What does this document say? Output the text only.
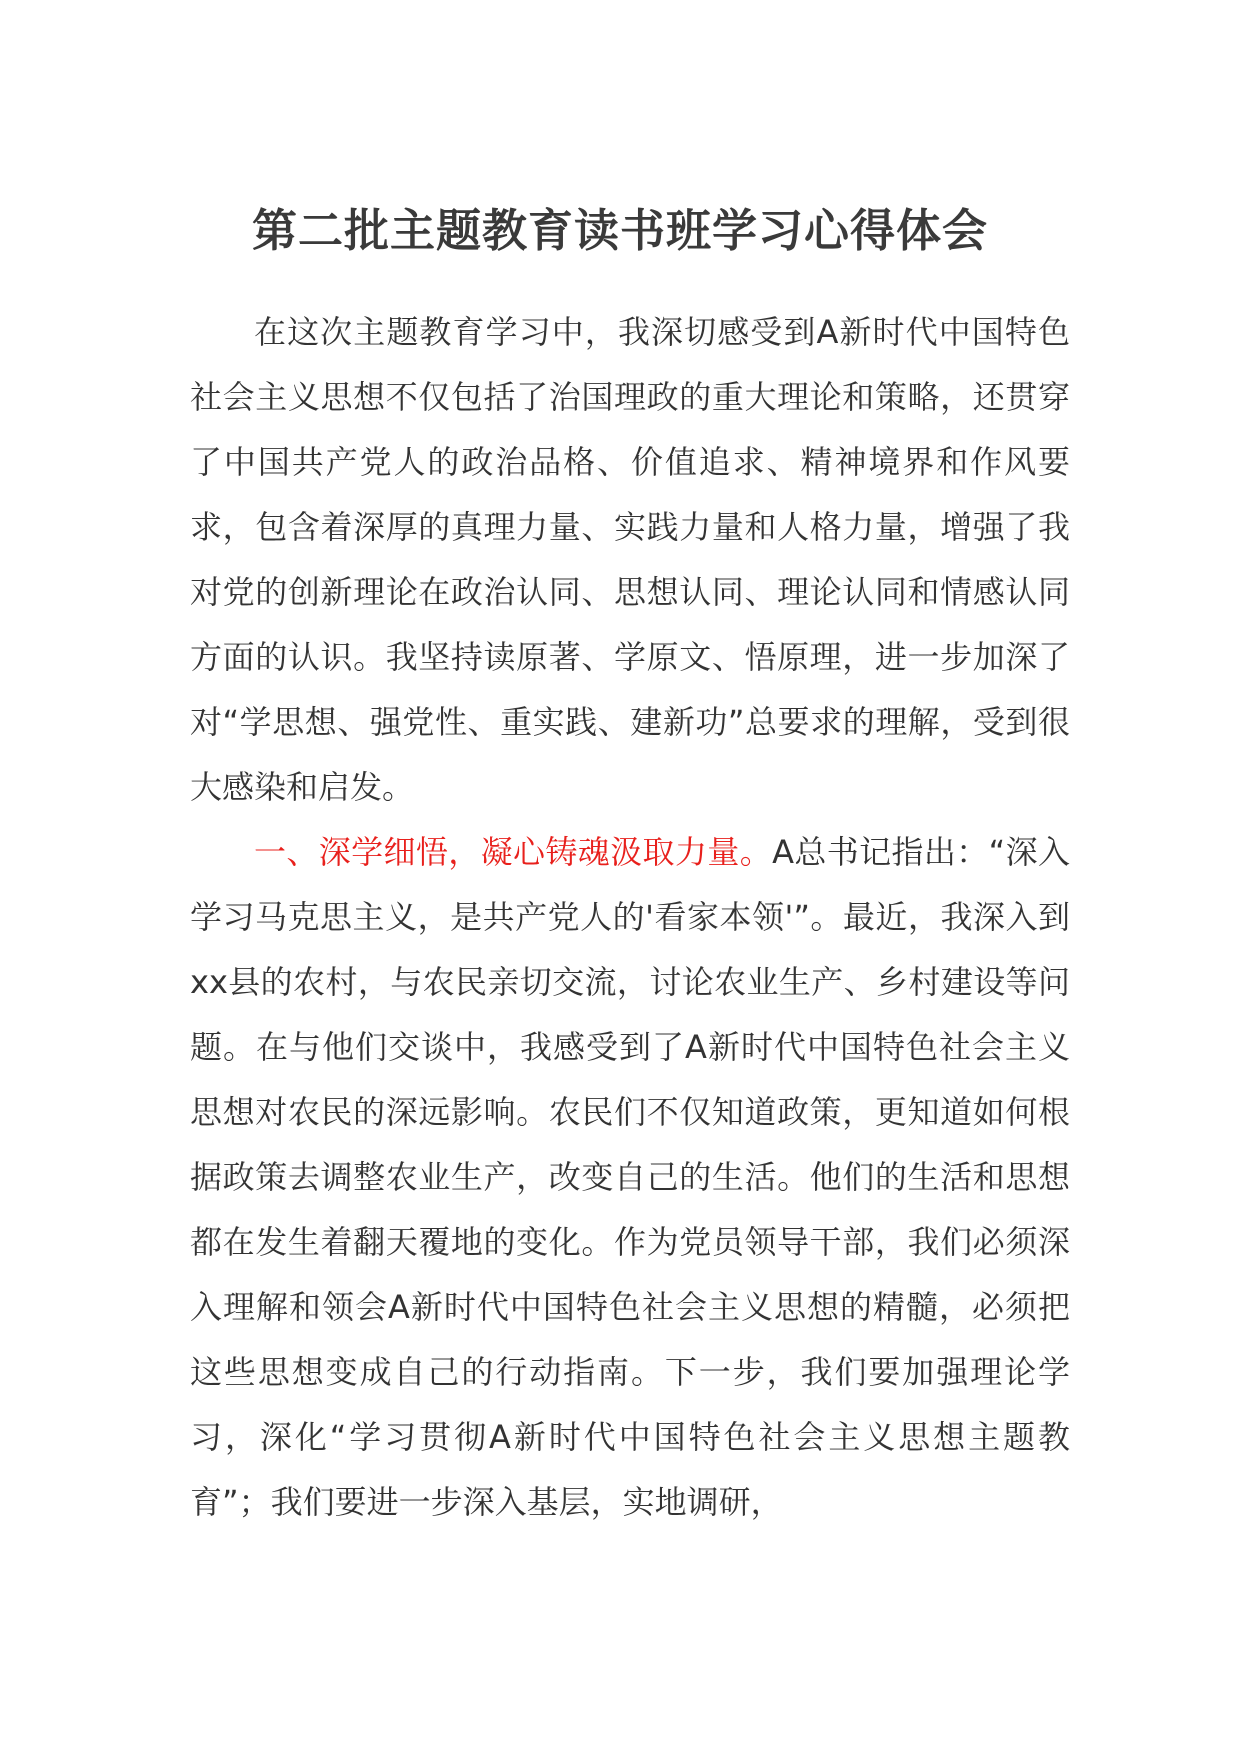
第二批主题教育读书班学习心得体会

在这次主题教育学习中，我深切感受到A新时代中国特色社会主义思想不仅包括了治国理政的重大理论和策略，还贯穿了中国共产党人的政治品格、价值追求、精神境界和作风要求，包含着深厚的真理力量、实践力量和人格力量，增强了我对党的创新理论在政治认同、思想认同、理论认同和情感认同方面的认识。我坚持读原著、学原文、悟原理，进一步加深了对“学思想、强党性、重实践、建新功”总要求的理解，受到很大感染和启发。

一、深学细悟，凝心铸魂汲取力量。A总书记指出：“深入学习马克思主义，是共产党人的'看家本领'”。最近，我深入到xx县的农村，与农民亲切交流，讨论农业生产、乡村建设等问题。在与他们交谈中，我感受到了A新时代中国特色社会主义思想对农民的深远影响。农民们不仅知道政策，更知道如何根据政策去调整农业生产，改变自己的生活。他们的生活和思想都在发生着翻天覆地的变化。作为党员领导干部，我们必须深入理解和领会A新时代中国特色社会主义思想的精髓，必须把这些思想变成自己的行动指南。下一步，我们要加强理论学习，深化“学习贯彻A新时代中国特色社会主义思想主题教育”；我们要进一步深入基层，实地调研，
